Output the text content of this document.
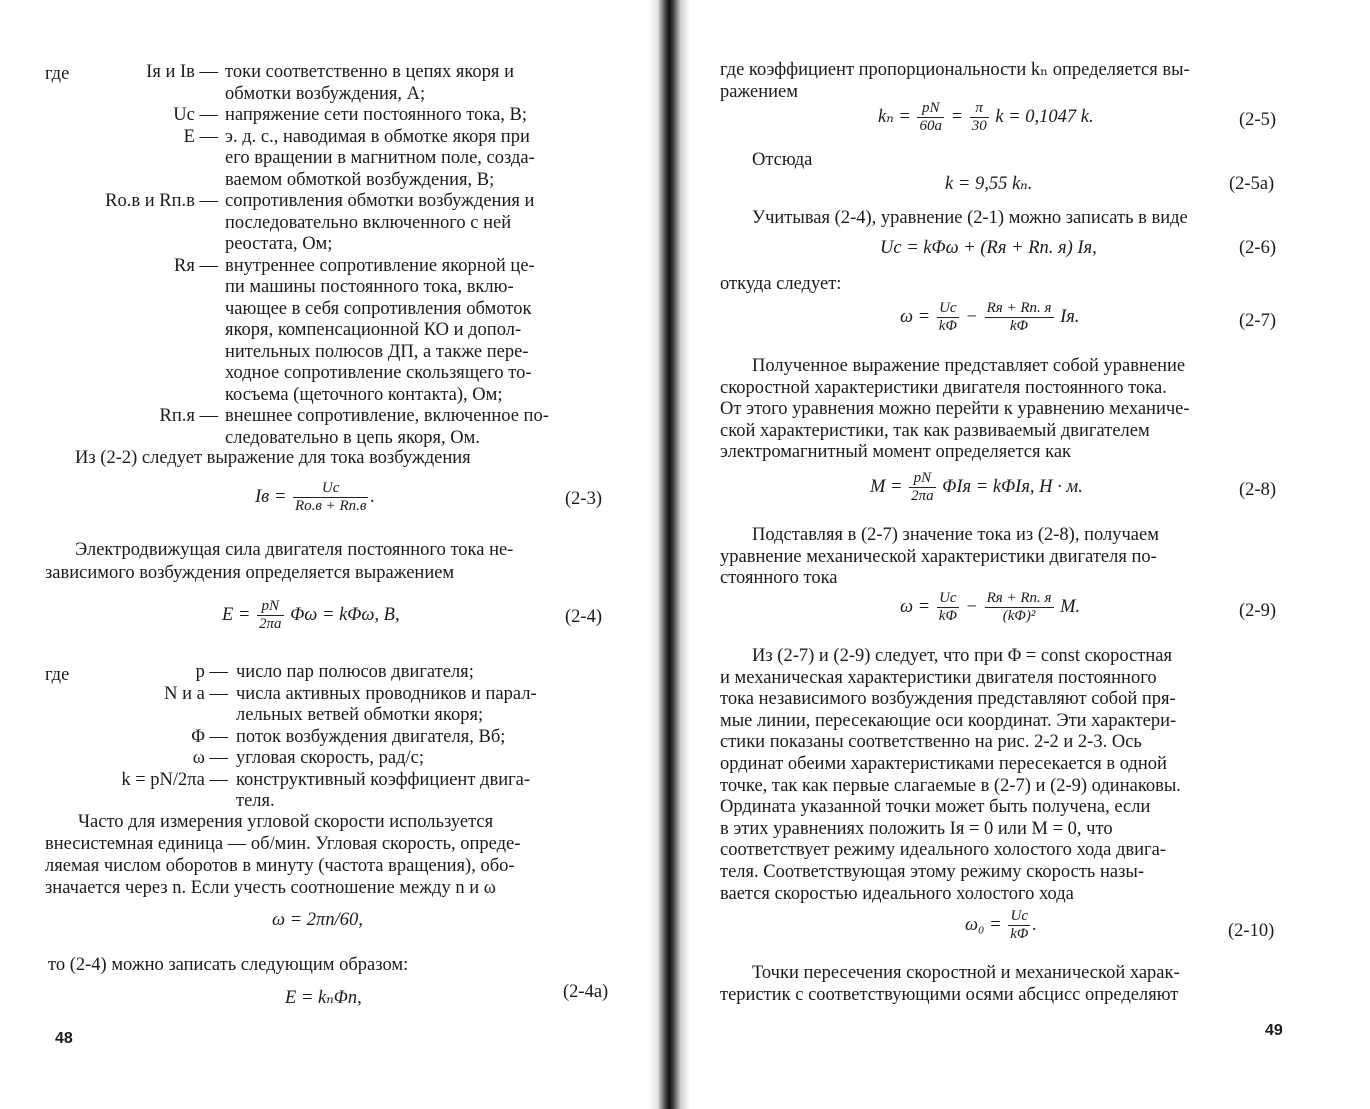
где	Iя и Iв — токи соответственно в цепях якоря и
обмотки возбуждения, А;
Uс — напряжение сети постоянного тока, В;
E — э. д. с., наводимая в обмотке якоря при
его вращении в магнитном поле, созда-
ваемом обмоткой возбуждения, В;
Rо.в и Rп.в — сопротивления обмотки возбуждения и
последовательно включенного с ней
реостата, Ом;
Rя — внутреннее сопротивление якорной це-
пи машины постоянного тока, вклю-
чающее в себя сопротивления обмоток
якоря, компенсационной КО и допол-
нительных полюсов ДП, а также пере-
ходное сопротивление скользящего то-
косъема (щеточного контакта), Ом;
Rп.я — внешнее сопротивление, включенное по-
следовательно в цепь якоря, Ом.
Из (2-2) следует выражение для тока возбуждения
Iв = $\frac{Uс}{Rо.в + Rп.в}$ .	(2-3)
Электродвижущая сила двигателя постоянного тока не-
зависимого возбуждения определяется выражением
$E = \frac{pN}{2\pi a}$ Φω = kΦω, В,	(2-4)
где	p — число пар полюсов двигателя;
N и a — числа активных проводников и парал-
лельных ветвей обмотки якоря;
Φ — поток возбуждения двигателя, Вб;
ω — угловая скорость, рад/с;
k = pN/2πa — конструктивный коэффициент двига-
теля.
Часто для измерения угловой скорости используется
внесистемная единица — об/мин. Угловая скорость, опреде-
ляемая числом оборотов в минуту (частота вращения), обо-
значается через n. Если учесть соотношение между n и ω
ω = 2πn/60,
то (2-4) можно записать следующим образом:
E = kₙΦn,	(2-4а)
48
где коэффициент пропорциональности kₙ определяется вы-
ражением
$k_n = \frac{pN}{60a} = \frac{\pi}{30}$ k = 0,1047 k.	(2-5)
Отсюда
k = 9,55 kₙ.	(2-5а)
Учитывая (2-4), уравнение (2-1) можно записать в виде
Uс = kΦω + (Rя + Rп. я) Iя,	(2-6)
откуда следует:
$\omega = \frac{Uс}{k\Phi} - \frac{Rя + Rп. я}{k\Phi}$ Iя.	(2-7)
Полученное выражение представляет собой уравнение
скоростной характеристики двигателя постоянного тока.
От этого уравнения можно перейти к уравнению механиче-
ской характеристики, так как развиваемый двигателем
электромагнитный момент определяется как
$M = \frac{pN}{2\pi a}$ ΦIя = kΦIя, Н · м.	(2-8)
Подставляя в (2-7) значение тока из (2-8), получаем
уравнение механической характеристики двигателя по-
стоянного тока
$\omega = \frac{Uс}{k\Phi} - \frac{Rя + Rп. я}{\text{(kΦ)²}} M$.	(2-9)
Из (2-7) и (2-9) следует, что при Φ = const скоростная
и механическая характеристики двигателя постоянного
тока независимого возбуждения представляют собой пря-
мые линии, пересекающие оси координат. Эти характери-
стики показаны соответственно на рис. 2-2 и 2-3. Ось
ординат обеими характеристиками пересекается в одной
точке, так как первые слагаемые в (2-7) и (2-9) одинаковы.
Ордината указанной точки может быть получена, если
в этих уравнениях положить Iя = 0 или M = 0, что
соответствует режиму идеального холостого хода двига-
теля. Соответствующая этому режиму скорость назы-
вается скоростью идеального холостого хода
$\omega_0 = \frac{Uс}{k\Phi}$ .	(2-10)
Точки пересечения скоростной и механической харак-
теристик с соответствующими осями абсцисс определяют
49
